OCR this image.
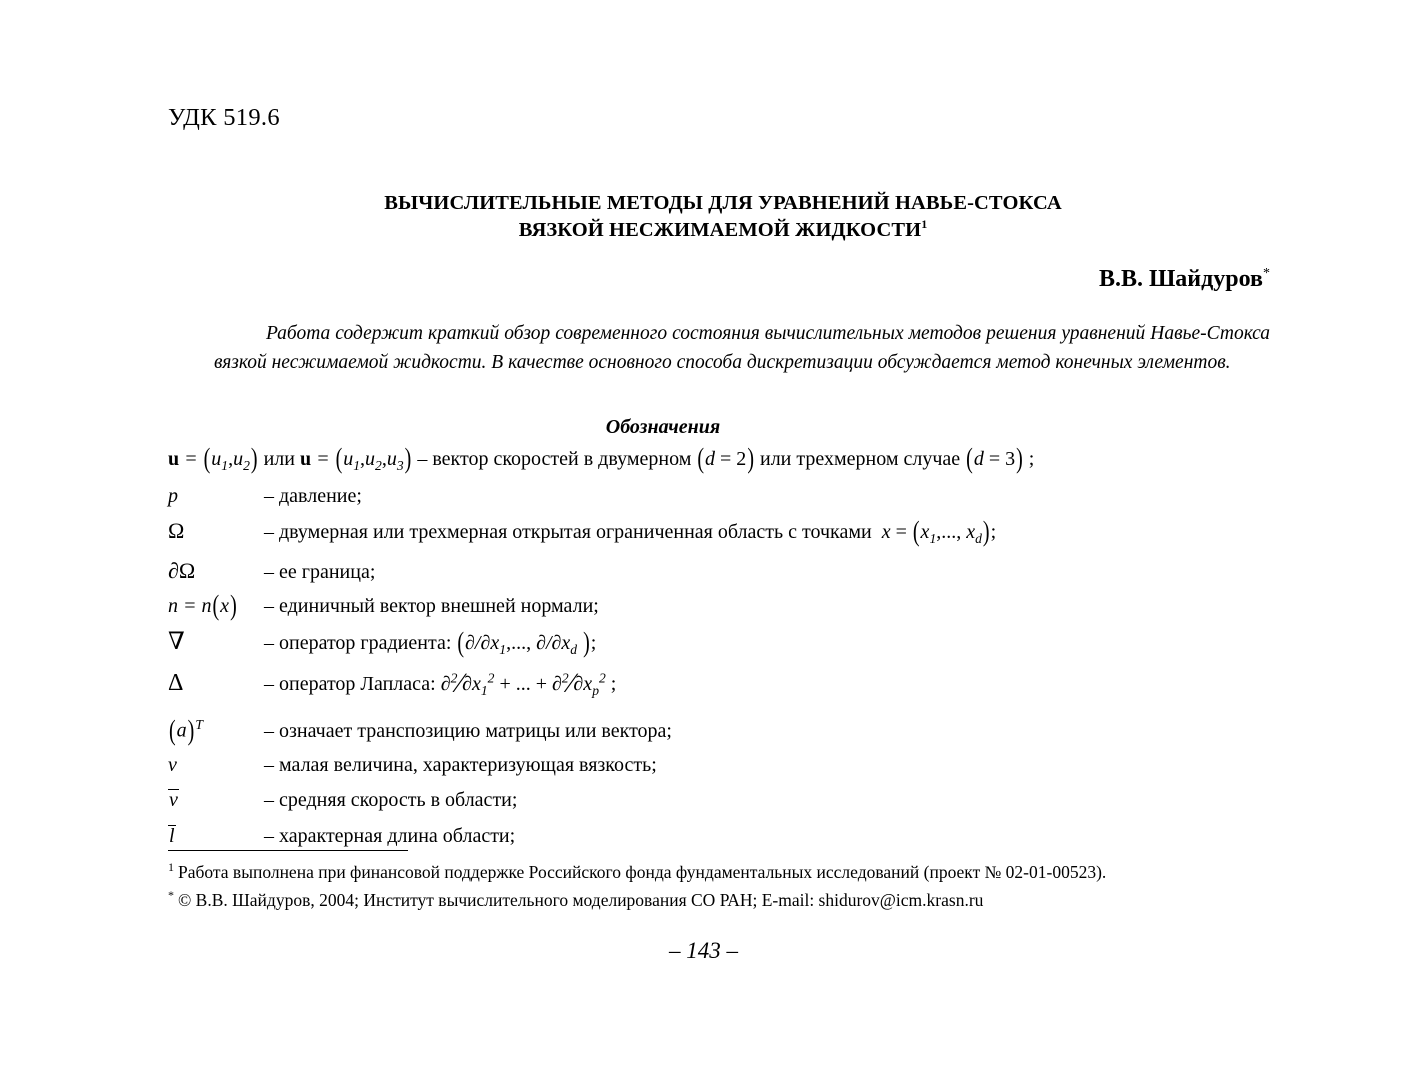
УДК 519.6
ВЫЧИСЛИТЕЛЬНЫЕ МЕТОДЫ ДЛЯ УРАВНЕНИЙ НАВЬЕ-СТОКСА
ВЯЗКОЙ НЕСЖИМАЕМОЙ ЖИДКОСТИ$^1$
В.В. Шайдуров*
Работа содержит краткий обзор современного состояния вычислительных методов решения уравнений Навье-Стокса вязкой несжимаемой жидкости. В качестве основного способа дискретизации обсуждается метод конечных элементов.
Обозначения
$u = (u_1,u_2)$ или $u = (u_1,u_2,u_3)$ – вектор скоростей в двумерном (d = 2) или трехмерном случае (d = 3) ;
p	– давление;
Ω	– двумерная или трехмерная открытая ограниченная область с точками  $x = (x_1$,..., $x_d$);
∂Ω	– ее граница;
n = n(x)	– единичный вектор внешней нормали;
∇	– оператор градиента: ($\partial/\partial x_1$,..., $\partial/\partial x_d$ );
Δ	– оператор Лапласа: $\partial^2∕\partial x_1^2$ + ... + $\partial^2∕\partial x_p^2$ ;
$(a)^T$	– означает транспозицию матрицы или вектора;
ν	– малая величина, характеризующая вязкость;
v	– средняя скорость в области;
l	– характерная длина области;

$^1$ Работа выполнена при финансовой поддержке Российского фонда фундаментальных исследований (проект № 02-01-00523).

* © В.В. Шайдуров, 2004; Институт вычислительного моделирования СО РАН; E-mail: shidurov@icm.krasn.ru

– 143 –
